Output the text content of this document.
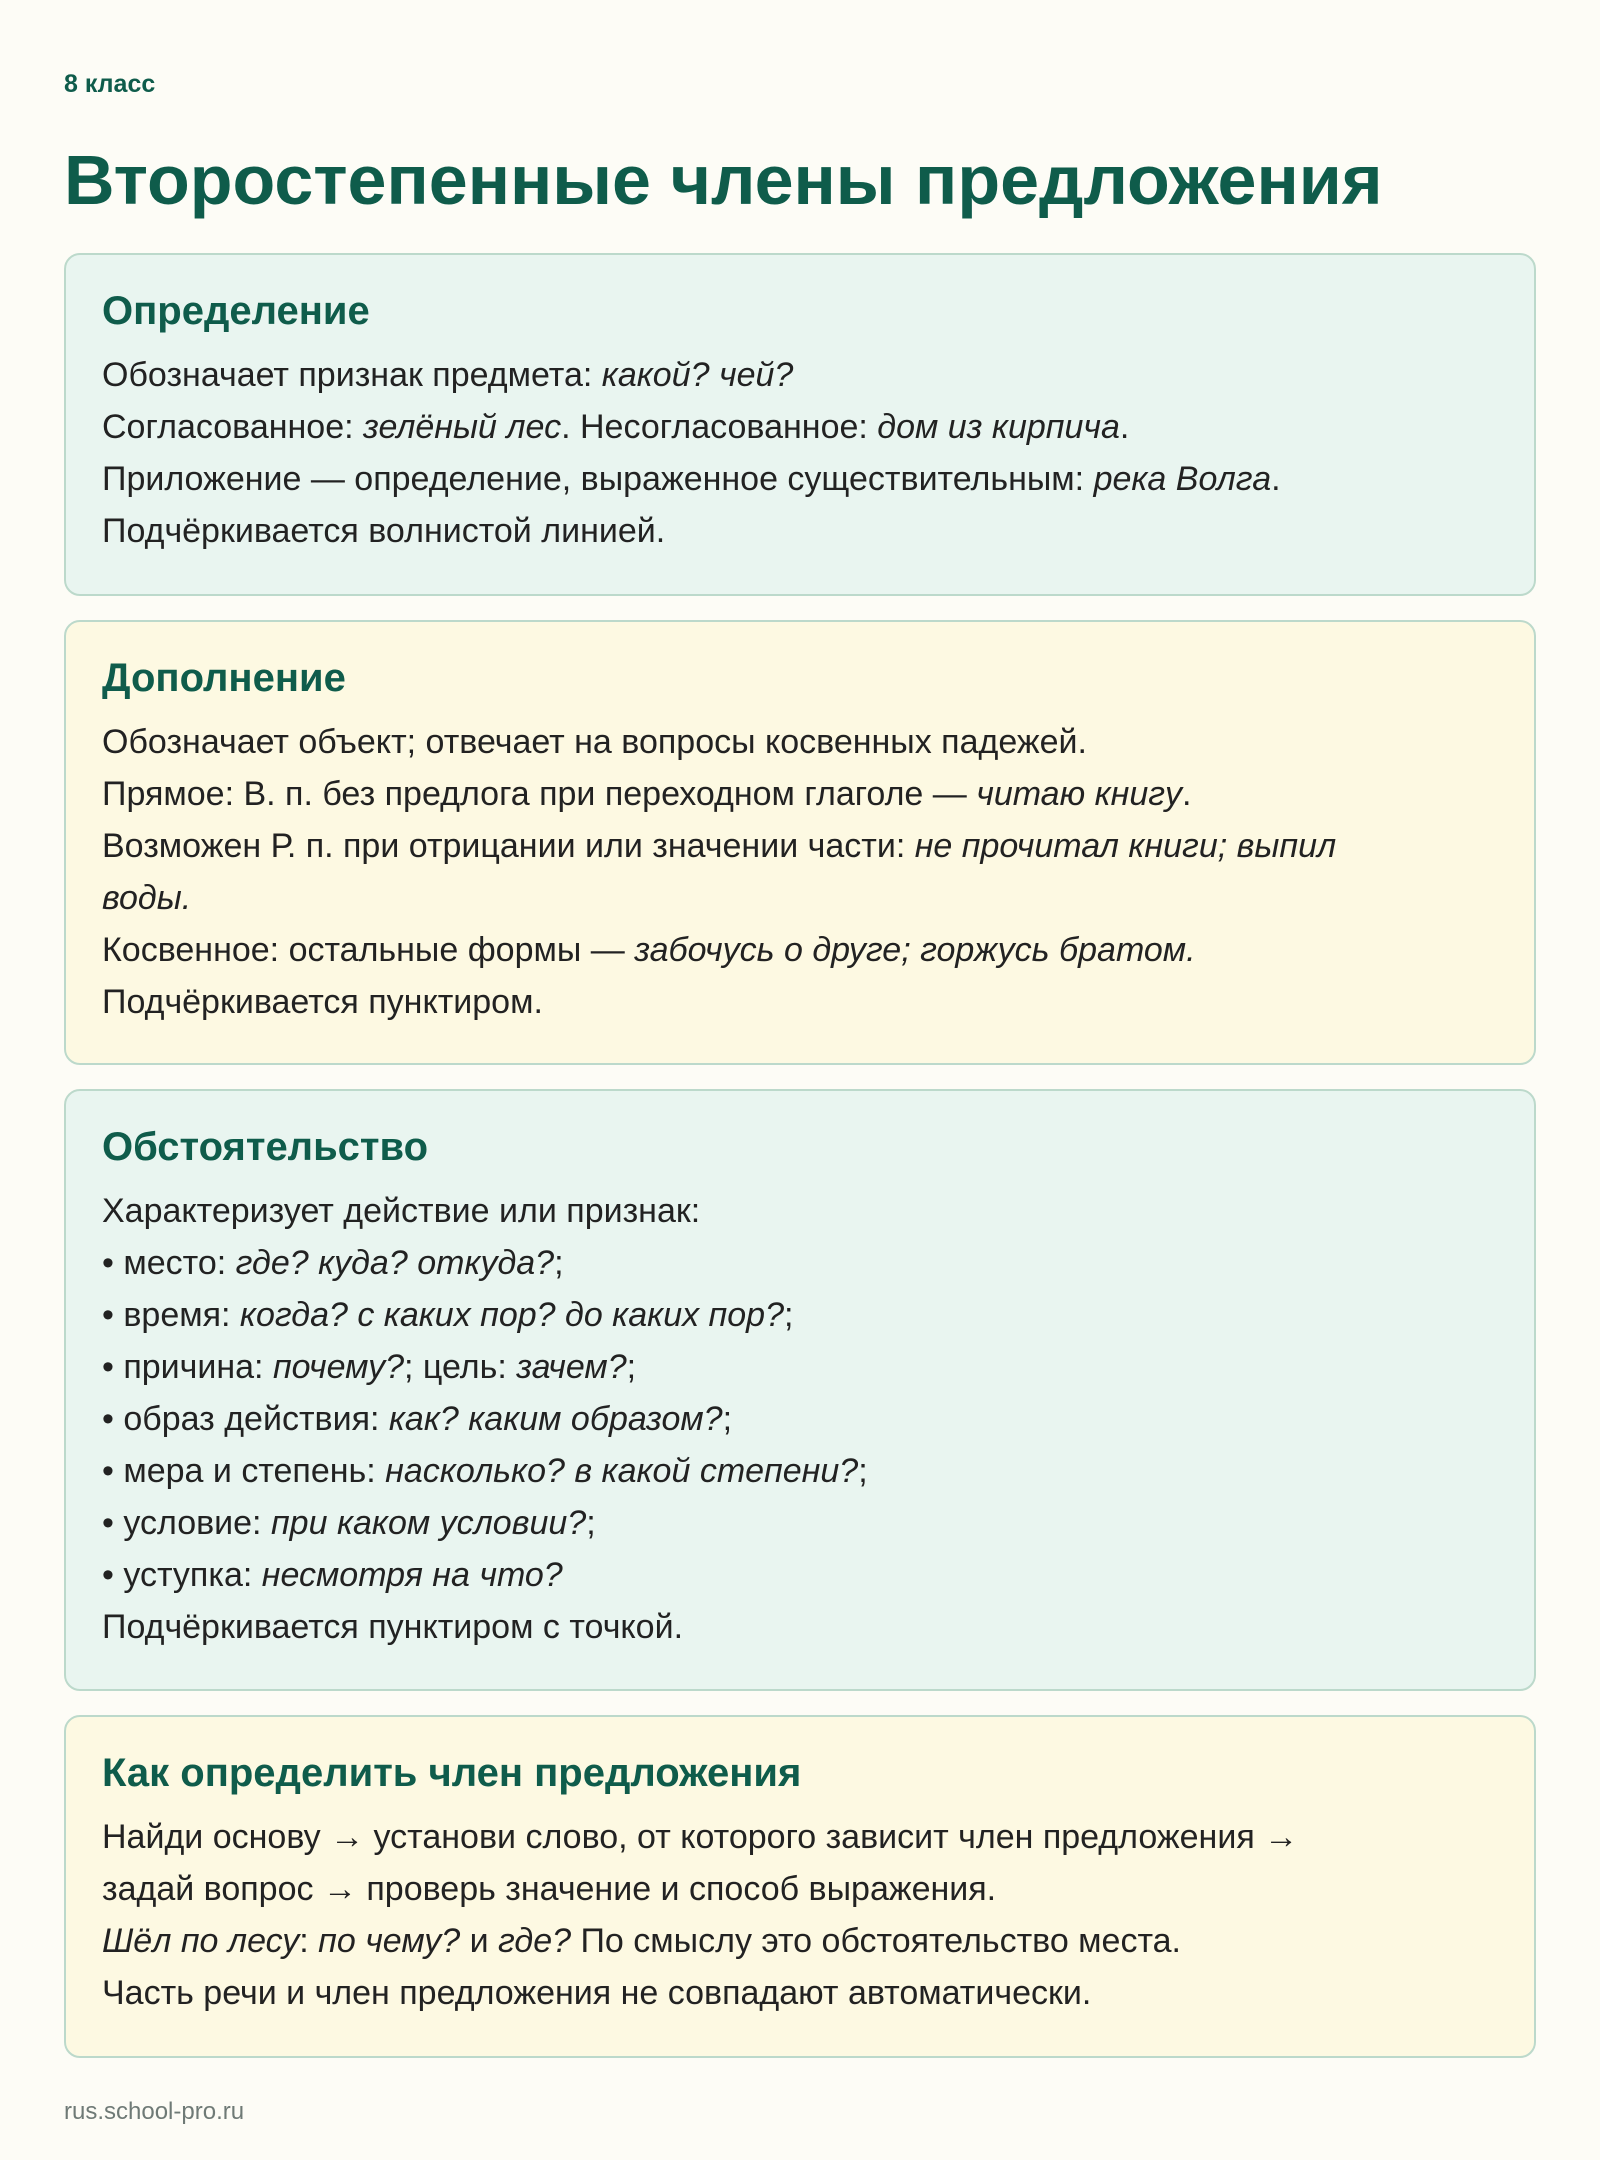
8 класс
Второстепенные члены предложения
Определение
Обозначает признак предмета: какой? чей?
Согласованное: зелёный лес. Несогласованное: дом из кирпича.
Приложение — определение, выраженное существительным: река Волга.
Подчёркивается волнистой линией.
Дополнение
Обозначает объект; отвечает на вопросы косвенных падежей.
Прямое: В. п. без предлога при переходном глаголе — читаю книгу.
Возможен Р. п. при отрицании или значении части: не прочитал книги; выпил
воды.
Косвенное: остальные формы — забочусь о друге; горжусь братом.
Подчёркивается пунктиром.
Обстоятельство
Характеризует действие или признак:
• место: где? куда? откуда?;
• время: когда? с каких пор? до каких пор?;
• причина: почему?; цель: зачем?;
• образ действия: как? каким образом?;
• мера и степень: насколько? в какой степени?;
• условие: при каком условии?;
• уступка: несмотря на что?
Подчёркивается пунктиром с точкой.
Как определить член предложения
Найди основу → установи слово, от которого зависит член предложения →
задай вопрос → проверь значение и способ выражения.
Шёл по лесу: по чему? и где? По смыслу это обстоятельство места.
Часть речи и член предложения не совпадают автоматически.
rus.school-pro.ru
